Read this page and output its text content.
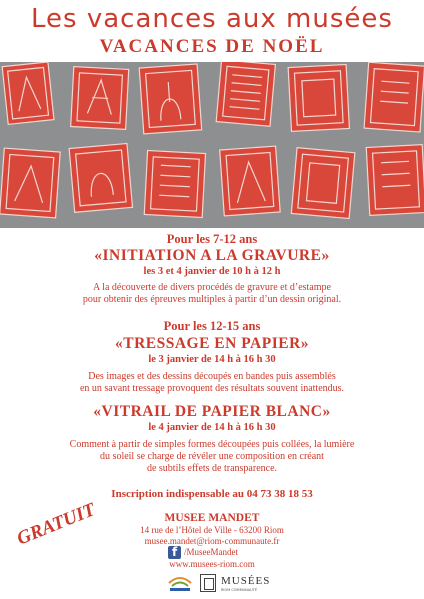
Les vacances aux musées
VACANCES DE NOËL
Pour les 7-12 ans
«INITIATION A LA GRAVURE»
les 3 et 4 janvier de 10 h à 12 h
A la découverte de divers procédés de gravure et d’estampe
pour obtenir des épreuves multiples à partir d’un dessin original.
Pour les 12-15 ans
«TRESSAGE EN PAPIER»
le 3 janvier de 14 h à 16 h 30
Des images et des dessins découpés en bandes puis assemblés
en un savant tressage provoquent des résultats souvent inattendus.
«VITRAIL DE PAPIER BLANC»
le 4 janvier de 14 h à 16 h 30
Comment à partir de simples formes découpées puis collées, la lumière
du soleil se charge de révéler une composition en créant
de subtils effets de transparence.
Inscription indispensable au 04 73 38 18 53
MUSEE MANDET
14 rue de l’Hôtel de Ville - 63200 Riom
musee.mandet@riom-communaute.fr
f /MuseeMandet
www.musees-riom.com
GRATUIT
MUSÉES
RIOM COMMUNAUTÉ
